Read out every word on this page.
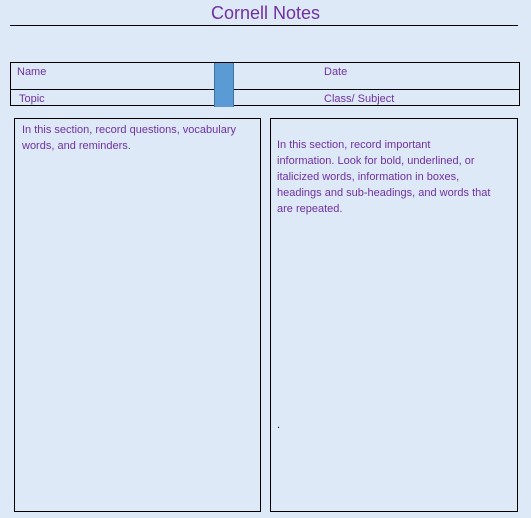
Cornell Notes
Name	Date
Topic	Class/ Subject
In this section, record questions, vocabulary
words, and reminders.	In this section, record important
information. Look for bold, underlined, or
italicized words, information in boxes,
headings and sub-headings, and words that
are repeated.
.
